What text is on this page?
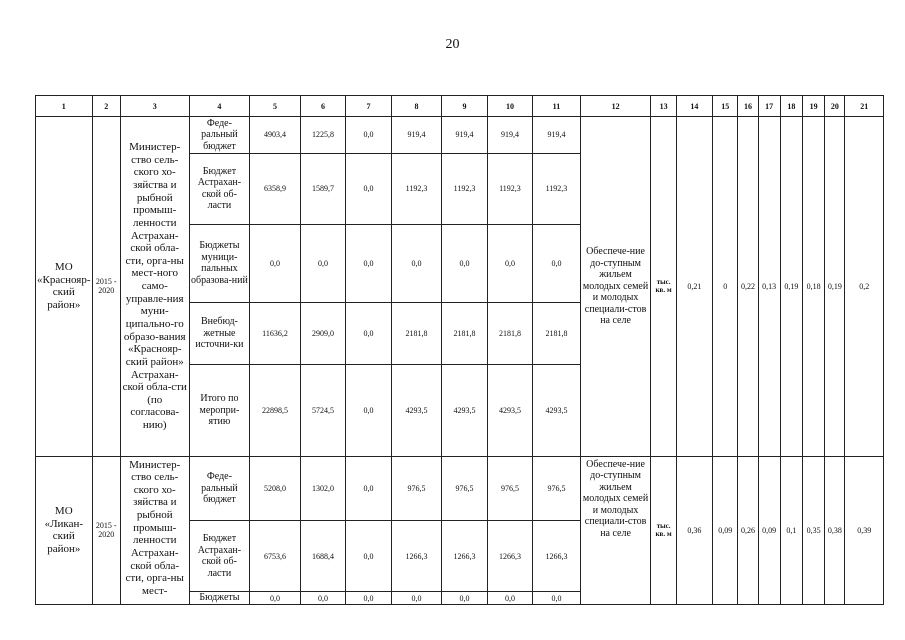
20
1	2	3	4	5	6	7	8	9	10	11	12	13	14	15	16	17	18	19	20	21
МО «Краснояр-ский район»	2015 - 2020	Министер-ство сель-ского хо-зяйства и рыбной промыш-ленности Астрахан-ской обла-сти, орга-ны мест-ного само-управле-ния муни-ципально-го образо-вания «Краснояр-ский район» Астрахан-ской обла-сти (по согласова-нию)	Феде-ральный бюджет	4903,4	1225,8	0,0	919,4	919,4	919,4	919,4	Обеспече-ние до-ступным жильем молодых семей и молодых специали-стов на селе	тыс. кв. м	0,21	0	0,22	0,13	0,19	0,18	0,19	0,2
			Бюджет Астрахан-ской об-ласти	6358,9	1589,7	0,0	1192,3	1192,3	1192,3	1192,3										
			Бюджеты муници-пальных образова-ний	0,0	0,0	0,0	0,0	0,0	0,0	0,0										
			Внебюд-жетные источни-ки	11636,2	2909,0	0,0	2181,8	2181,8	2181,8	2181,8										
			Итого по меропри-ятию	22898,5	5724,5	0,0	4293,5	4293,5	4293,5	4293,5										
МО «Ликан-ский район»	2015 - 2020	Министер-ство сель-ского хо-зяйства и рыбной промыш-ленности Астрахан-ской обла-сти, орга-ны мест-	Феде-ральный бюджет	5208,0	1302,0	0,0	976,5	976,5	976,5	976,5	Обеспече-ние до-ступным жильем молодых семей и молодых специали-стов на селе	тыс. кв. м	0,36	0,09	0,26	0,09	0,1	0,35	0,38	0,39
			Бюджет Астрахан-ской об-ласти	6753,6	1688,4	0,0	1266,3	1266,3	1266,3	1266,3										
			Бюджеты	0,0	0,0	0,0	0,0	0,0	0,0	0,0										
